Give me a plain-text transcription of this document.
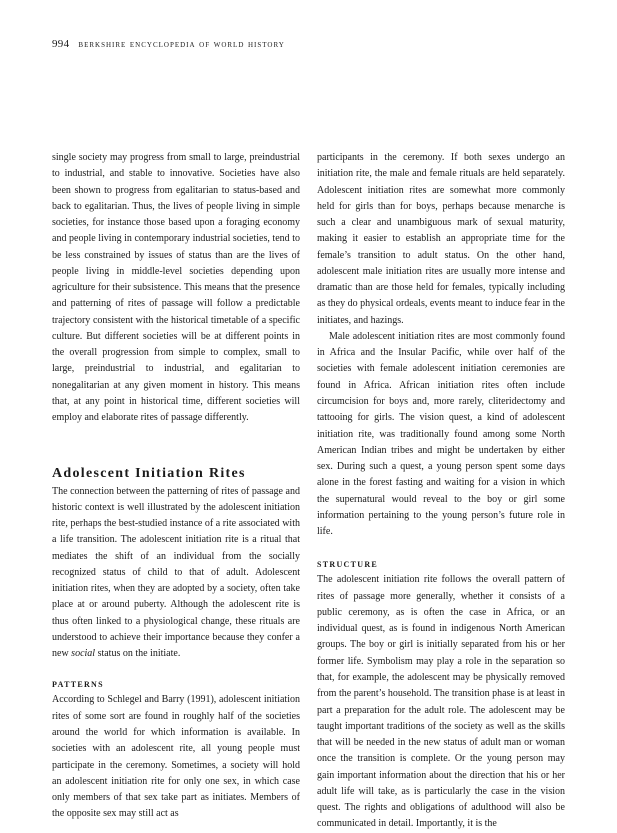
994 berkshire encyclopedia of world history

single society may progress from small to large, preindustrial to industrial, and stable to innovative. Societies have also been shown to progress from egalitarian to status-based and back to egalitarian. Thus, the lives of people living in simple societies, for instance those based upon a foraging economy and people living in contemporary industrial societies, tend to be less constrained by issues of status than are the lives of people living in middle-level societies depending upon agriculture for their subsistence. This means that the presence and patterning of rites of passage will follow a predictable trajectory consistent with the historical timetable of a specific culture. But different societies will be at different points in the overall progression from simple to complex, small to large, preindustrial to industrial, and egalitarian to nonegalitarian at any given moment in history. This means that, at any point in historical time, different societies will employ and elaborate rites of passage differently.

Adolescent Initiation Rites

The connection between the patterning of rites of passage and historic context is well illustrated by the adolescent initiation rite, perhaps the best-studied instance of a rite associated with a life transition. The adolescent initiation rite is a ritual that mediates the shift of an individual from the socially recognized status of child to that of adult. Adolescent initiation rites, when they are adopted by a society, often take place at or around puberty. Although the adolescent rite is thus often linked to a physiological change, these rituals are understood to achieve their importance because they confer a new social status on the initiate.

patterns

According to Schlegel and Barry (1991), adolescent initiation rites of some sort are found in roughly half of the societies around the world for which information is available. In societies with an adolescent rite, all young people must participate in the ceremony. Sometimes, a society will hold an adolescent initiation rite for only one sex, in which case only members of that sex take part as initiates. Members of the opposite sex may still act as

participants in the ceremony. If both sexes undergo an initiation rite, the male and female rituals are held separately. Adolescent initiation rites are somewhat more commonly held for girls than for boys, perhaps because menarche is such a clear and unambiguous mark of sexual maturity, making it easier to establish an appropriate time for the female’s transition to adult status. On the other hand, adolescent male initiation rites are usually more intense and dramatic than are those held for females, typically including as they do physical ordeals, events meant to induce fear in the initiates, and hazings.

Male adolescent initiation rites are most commonly found in Africa and the Insular Pacific, while over half of the societies with female adolescent initiation ceremonies are found in Africa. African initiation rites often include circumcision for boys and, more rarely, cliteridectomy and tattooing for girls. The vision quest, a kind of adolescent initiation rite, was traditionally found among some North American Indian tribes and might be undertaken by either sex. During such a quest, a young person spent some days alone in the forest fasting and waiting for a vision in which the supernatural would reveal to the boy or girl some information pertaining to the young person’s future role in life.

structure

The adolescent initiation rite follows the overall pattern of rites of passage more generally, whether it consists of a public ceremony, as is often the case in Africa, or an individual quest, as is found in indigenous North American groups. The boy or girl is initially separated from his or her former life. Symbolism may play a role in the separation so that, for example, the adolescent may be physically removed from the parent’s household. The transition phase is at least in part a preparation for the adult role. The adolescent may be taught important traditions of the society as well as the skills that will be needed in the new status of adult man or woman once the transition is complete. Or the young person may gain important information about the direction that his or her adult life will take, as is particularly the case in the vision quest. The rights and obligations of adulthood will also be communicated in detail. Importantly, it is the
